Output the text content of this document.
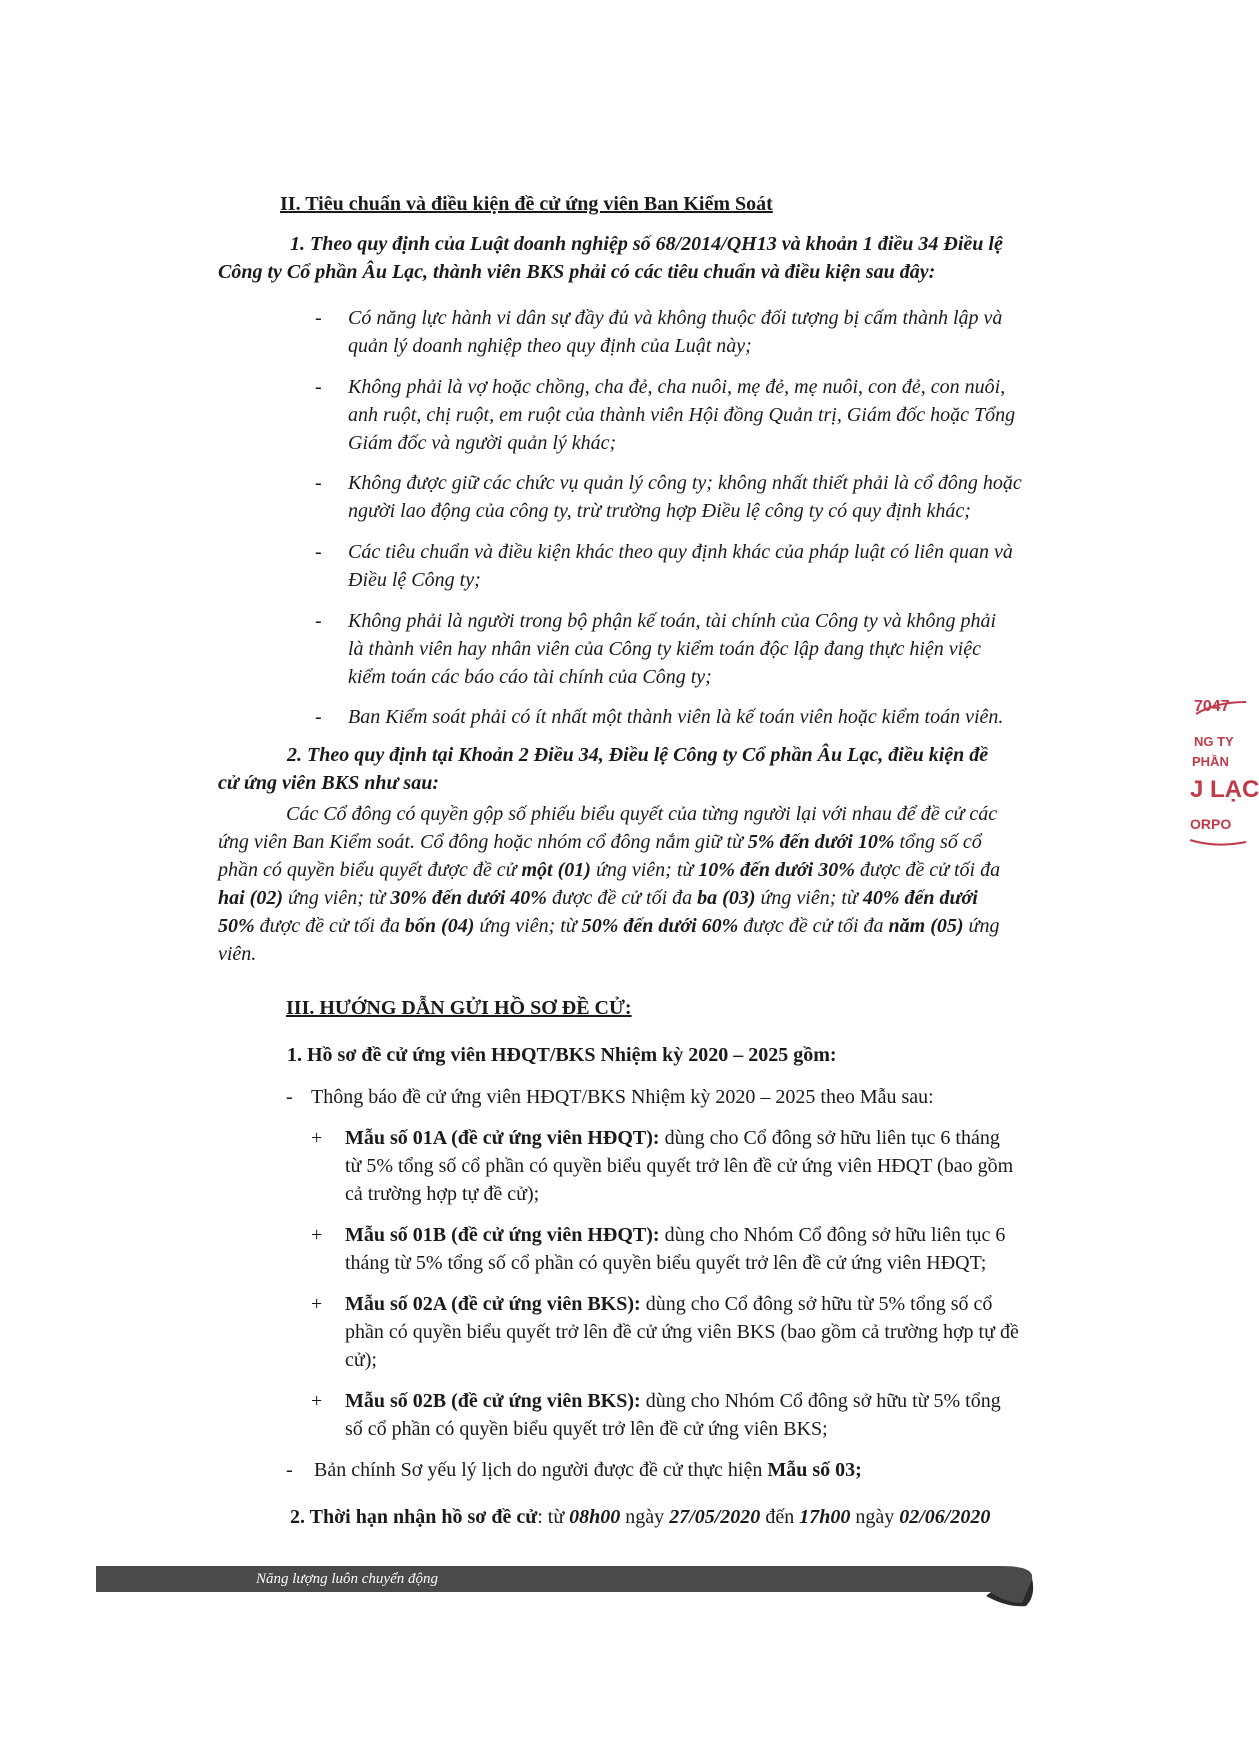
II. Tiêu chuẩn và điều kiện đề cử ứng viên Ban Kiểm Soát
1. Theo quy định của Luật doanh nghiệp số 68/2014/QH13 và khoản 1 điều 34 Điều lệ
Công ty Cổ phần Âu Lạc, thành viên BKS phải có các tiêu chuẩn và điều kiện sau đây:
- Có năng lực hành vi dân sự đầy đủ và không thuộc đối tượng bị cấm thành lập và
quản lý doanh nghiệp theo quy định của Luật này;
- Không phải là vợ hoặc chồng, cha đẻ, cha nuôi, mẹ đẻ, mẹ nuôi, con đẻ, con nuôi,
anh ruột, chị ruột, em ruột của thành viên Hội đồng Quản trị, Giám đốc hoặc Tổng
Giám đốc và người quản lý khác;
- Không được giữ các chức vụ quản lý công ty; không nhất thiết phải là cổ đông hoặc
người lao động của công ty, trừ trường hợp Điều lệ công ty có quy định khác;
- Các tiêu chuẩn và điều kiện khác theo quy định khác của pháp luật có liên quan và
Điều lệ Công ty;
- Không phải là người trong bộ phận kế toán, tài chính của Công ty và không phải
là thành viên hay nhân viên của Công ty kiểm toán độc lập đang thực hiện việc
kiểm toán các báo cáo tài chính của Công ty;
- Ban Kiểm soát phải có ít nhất một thành viên là kế toán viên hoặc kiểm toán viên.
2. Theo quy định tại Khoản 2 Điều 34, Điều lệ Công ty Cổ phần Âu Lạc, điều kiện đề
cử ứng viên BKS như sau:
Các Cổ đông có quyền gộp số phiếu biểu quyết của từng người lại với nhau để đề cử các
ứng viên Ban Kiểm soát. Cổ đông hoặc nhóm cổ đông nắm giữ từ 5% đến dưới 10% tổng số cổ
phần có quyền biểu quyết được đề cử một (01) ứng viên; từ 10% đến dưới 30% được đề cử tối đa
hai (02) ứng viên; từ 30% đến dưới 40% được đề cử tối đa ba (03) ứng viên; từ 40% đến dưới
50% được đề cử tối đa bốn (04) ứng viên; từ 50% đến dưới 60% được đề cử tối đa năm (05) ứng
viên.
III. HƯỚNG DẪN GỬI HỒ SƠ ĐỀ CỬ:
1. Hồ sơ đề cử ứng viên HĐQT/BKS Nhiệm kỳ 2020 – 2025 gồm:
- Thông báo đề cử ứng viên HĐQT/BKS Nhiệm kỳ 2020 – 2025 theo Mẫu sau:
+ Mẫu số 01A (đề cử ứng viên HĐQT): dùng cho Cổ đông sở hữu liên tục 6 tháng
từ 5% tổng số cổ phần có quyền biểu quyết trở lên đề cử ứng viên HĐQT (bao gồm
cả trường hợp tự đề cử);
+ Mẫu số 01B (đề cử ứng viên HĐQT): dùng cho Nhóm Cổ đông sở hữu liên tục 6
tháng từ 5% tổng số cổ phần có quyền biểu quyết trở lên đề cử ứng viên HĐQT;
+ Mẫu số 02A (đề cử ứng viên BKS): dùng cho Cổ đông sở hữu từ 5% tổng số cổ
phần có quyền biểu quyết trở lên đề cử ứng viên BKS (bao gồm cả trường hợp tự đề
cử);
+ Mẫu số 02B (đề cử ứng viên BKS): dùng cho Nhóm Cổ đông sở hữu từ 5% tổng
số cổ phần có quyền biểu quyết trở lên đề cử ứng viên BKS;
- Bản chính Sơ yếu lý lịch do người được đề cử thực hiện Mẫu số 03;
2. Thời hạn nhận hồ sơ đề cử: từ 08h00 ngày 27/05/2020 đến 17h00 ngày 02/06/2020
7047
NG TY
PHẦN
J LẠC
ORPO
Năng lượng luôn chuyển động
